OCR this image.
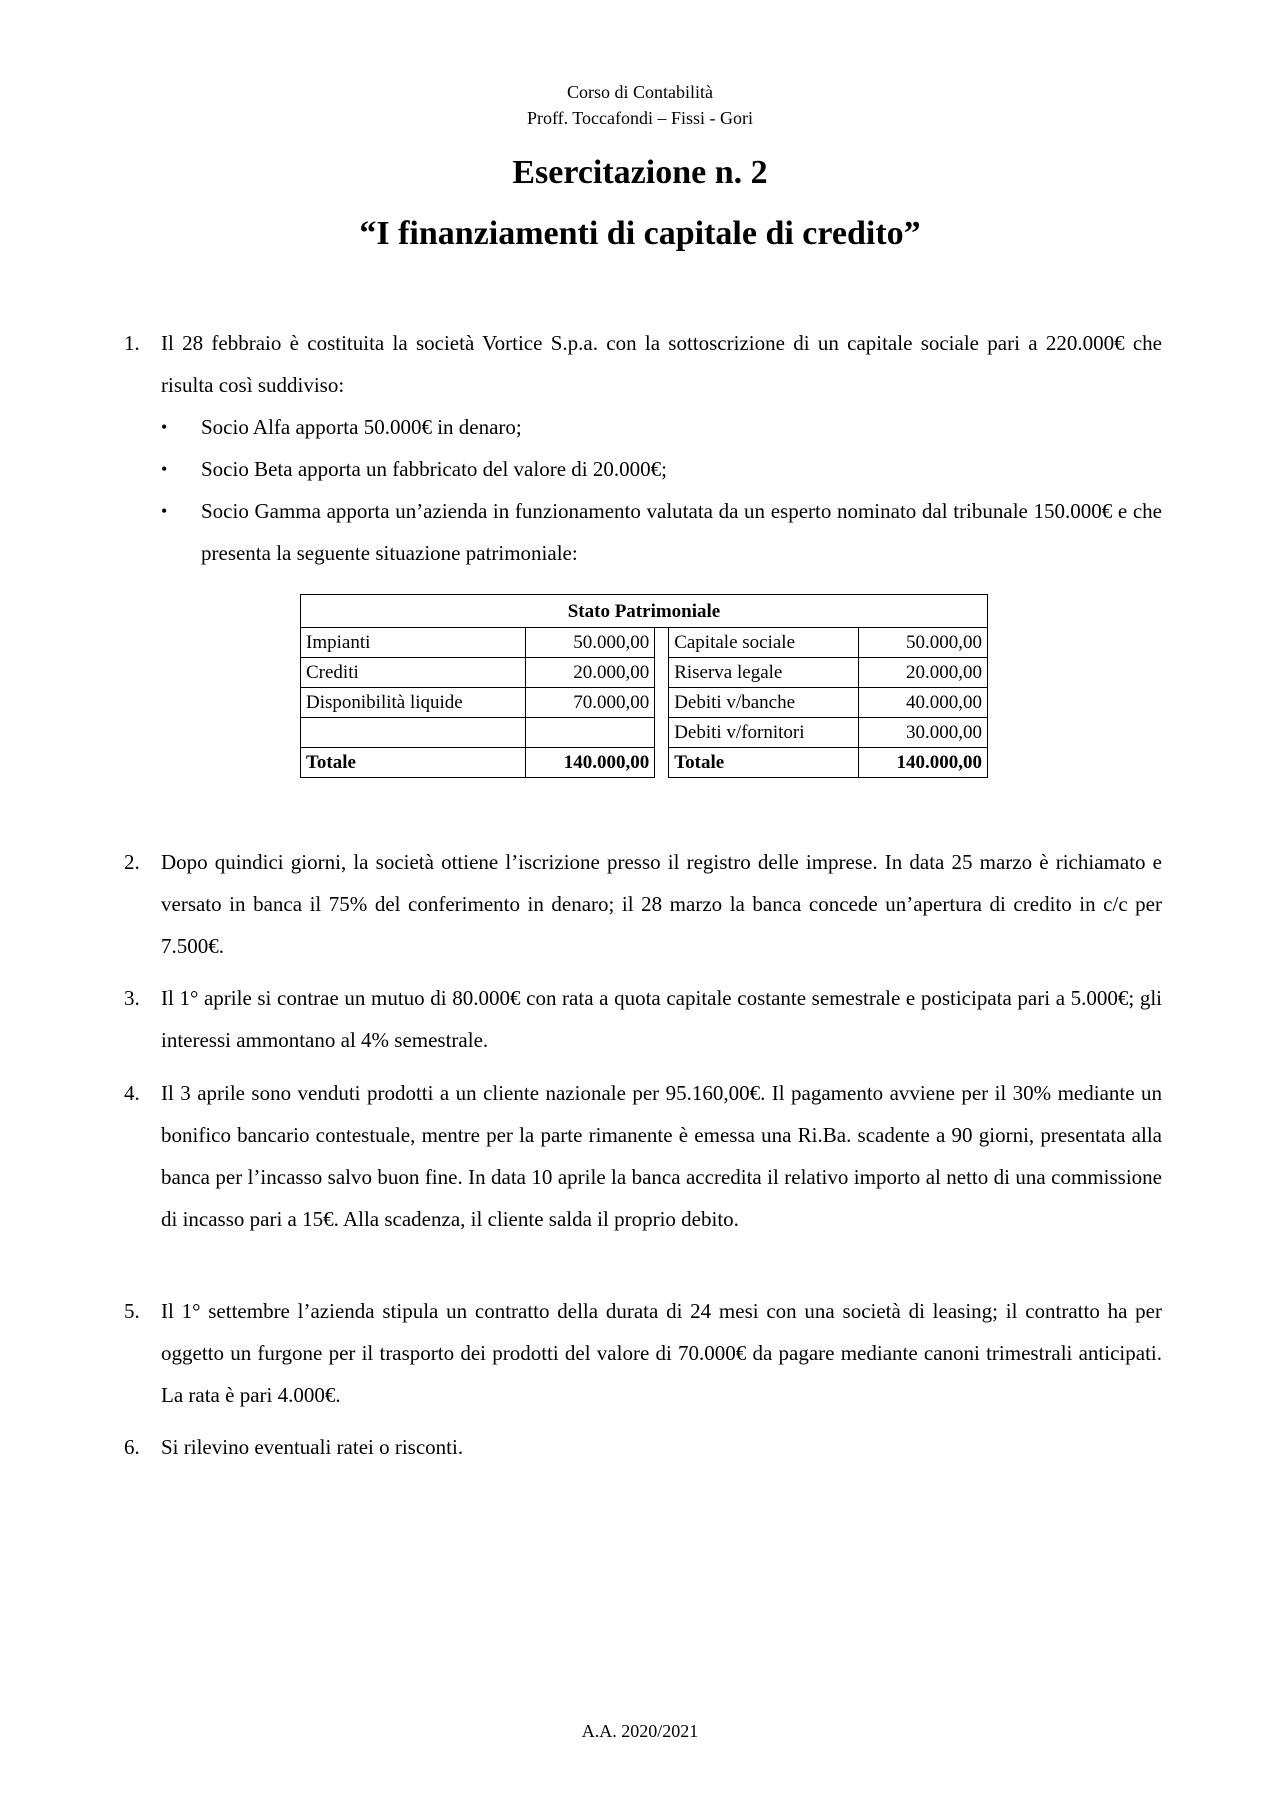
Corso di Contabilità
Proff. Toccafondi – Fissi - Gori
Esercitazione n. 2
“I finanziamenti di capitale di credito”
1. Il 28 febbraio è costituita la società Vortice S.p.a. con la sottoscrizione di un capitale sociale pari a 220.000€ che risulta così suddiviso:
• Socio Alfa apporta 50.000€ in denaro;
• Socio Beta apporta un fabbricato del valore di 20.000€;
• Socio Gamma apporta un’azienda in funzionamento valutata da un esperto nominato dal tribunale 150.000€ e che presenta la seguente situazione patrimoniale:
Stato Patrimoniale				
Impianti	50.000,00		Capitale sociale	50.000,00
Crediti	20.000,00		Riserva legale	20.000,00
Disponibilità liquide	70.000,00		Debiti v/banche	40.000,00
			Debiti v/fornitori	30.000,00
Totale	140.000,00		Totale	140.000,00
2. Dopo quindici giorni, la società ottiene l’iscrizione presso il registro delle imprese. In data 25 marzo è richiamato e versato in banca il 75% del conferimento in denaro; il 28 marzo la banca concede un’apertura di credito in c/c per 7.500€.
3. Il 1° aprile si contrae un mutuo di 80.000€ con rata a quota capitale costante semestrale e posticipata pari a 5.000€; gli interessi ammontano al 4% semestrale.
4. Il 3 aprile sono venduti prodotti a un cliente nazionale per 95.160,00€. Il pagamento avviene per il 30% mediante un bonifico bancario contestuale, mentre per la parte rimanente è emessa una Ri.Ba. scadente a 90 giorni, presentata alla banca per l’incasso salvo buon fine. In data 10 aprile la banca accredita il relativo importo al netto di una commissione di incasso pari a 15€. Alla scadenza, il cliente salda il proprio debito.
5. Il 1° settembre l’azienda stipula un contratto della durata di 24 mesi con una società di leasing; il contratto ha per oggetto un furgone per il trasporto dei prodotti del valore di 70.000€ da pagare mediante canoni trimestrali anticipati. La rata è pari 4.000€.
6. Si rilevino eventuali ratei o risconti.
A.A. 2020/2021
